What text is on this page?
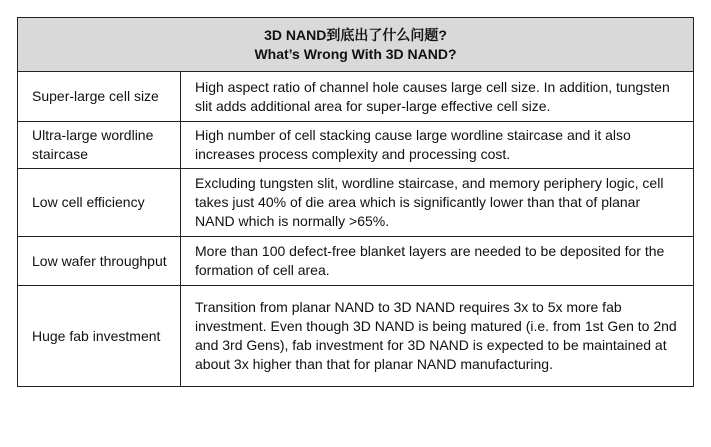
3D NAND到底出了什么问题?
What’s Wrong With 3D NAND?	

Super-large cell size	High aspect ratio of channel hole causes large cell size. In addition, tungsten slit adds additional area for super-large effective cell size.
Ultra-large wordline staircase	High number of cell stacking cause large wordline staircase and it also increases process complexity and processing cost.
Low cell efficiency	Excluding tungsten slit, wordline staircase, and memory periphery logic, cell takes just 40% of die area which is significantly lower than that of planar NAND which is normally >65%.
Low wafer throughput	More than 100 defect-free blanket layers are needed to be deposited for the formation of cell area.
Huge fab investment	Transition from planar NAND to 3D NAND requires 3x to 5x more fab investment. Even though 3D NAND is being matured (i.e. from 1st Gen to 2nd and 3rd Gens), fab investment for 3D NAND is expected to be maintained at about 3x higher than that for planar NAND manufacturing.
